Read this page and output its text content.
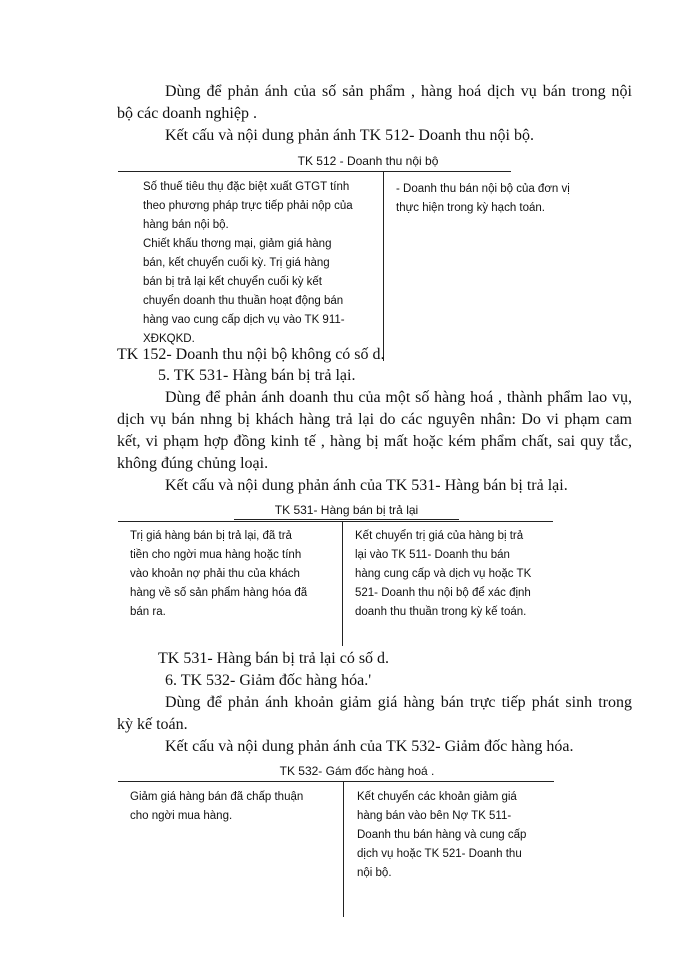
Dùng để phản ánh của số sản phẩm , hàng hoá dịch vụ bán trong nội
bộ các doanh nghiệp .
Kết cấu và nội dung phản ánh TK 512- Doanh thu nội bộ.
TK 512 - Doanh thu nội bộ
Số thuế tiêu thụ đặc biệt xuất GTGT tính
theo phương pháp trực tiếp phải nộp của
hàng bán nội bộ.
Chiết khấu thơng mại, giảm giá hàng
bán, kết chuyển cuối kỳ. Trị giá hàng
bán bị trả lại kết chuyển cuối kỳ kết
chuyển doanh thu thuần hoạt động bán
hàng vao cung cấp dịch vụ vào TK 911-
XĐKQKD.
- Doanh thu bán nội bộ của đơn vị
thực hiện trong kỳ hạch toán.
TK 152- Doanh thu nội bộ không có số d.
5. TK 531- Hàng bán bị trả lại.
Dùng để phản ánh doanh thu của một số hàng hoá , thành phẩm lao vụ,
dịch vụ bán nhng bị khách hàng trả lại do các nguyên nhân: Do vi phạm cam
kết, vi phạm hợp đồng kinh tế , hàng bị mất hoặc kém phẩm chất, sai quy tắc,
không đúng chủng loại.
Kết cấu và nội dung phản ánh của TK 531- Hàng bán bị trả lại.
TK 531- Hàng bán bị trả lại
Trị giá hàng bán bị trả lại, đã trả
tiền cho ngời mua hàng hoặc tính
vào khoản nợ phải thu của khách
hàng về số sản phẩm hàng hóa đã
bán ra.
Kết chuyển trị giá của hàng bị trả
lại vào TK 511- Doanh thu bán
hàng cung cấp và dịch vụ hoặc TK
521- Doanh thu nội bộ để xác định
doanh thu thuần trong kỳ kế toán.
TK 531- Hàng bán bị trả lại có số d.
6. TK 532- Giảm đốc hàng hóa.'
Dùng để phản ánh khoản giảm giá hàng bán trực tiếp phát sinh trong
kỳ kế toán.
Kết cấu và nội dung phản ánh của TK 532- Giảm đốc hàng hóa.
TK 532- Gám đốc hàng hoá .
Giảm giá hàng bán đã chấp thuận
cho ngời mua hàng.
Kết chuyển các khoản giảm giá
hàng bán vào bên Nợ TK 511-
Doanh thu bán hàng và cung cấp
dịch vụ hoặc TK 521- Doanh thu
nội bộ.
